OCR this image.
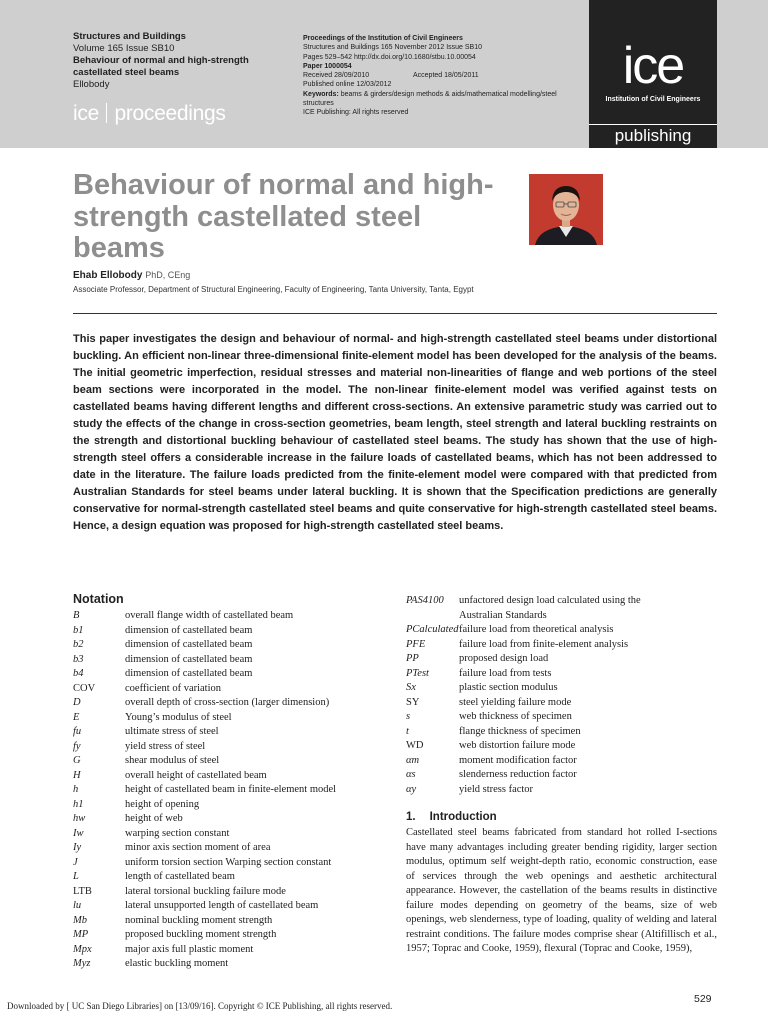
Structures and Buildings
Volume 165 Issue SB10
Behaviour of normal and high-strength castellated steel beams
Ellobody
ice proceedings
Proceedings of the Institution of Civil Engineers
Structures and Buildings 165 November 2012 Issue SB10
Pages 529–542 http://dx.doi.org/10.1680/stbu.10.00054
Paper 1000054
Received 28/09/2010	Accepted 18/05/2011
Published online 12/03/2012
Keywords: beams & girders/design methods & aids/mathematical modelling/steel structures
ICE Publishing: All rights reserved
ice
Institution of Civil Engineers
publishing
Behaviour of normal and high-strength castellated steel beams
Ehab Ellobody PhD, CEng
Associate Professor, Department of Structural Engineering, Faculty of Engineering, Tanta University, Tanta, Egypt
This paper investigates the design and behaviour of normal- and high-strength castellated steel beams under distortional buckling. An efficient non-linear three-dimensional finite-element model has been developed for the analysis of the beams. The initial geometric imperfection, residual stresses and material non-linearities of flange and web portions of the steel beam sections were incorporated in the model. The non-linear finite-element model was verified against tests on castellated beams having different lengths and different cross-sections. An extensive parametric study was carried out to study the effects of the change in cross-section geometries, beam length, steel strength and lateral buckling restraints on the strength and distortional buckling behaviour of castellated steel beams. The study has shown that the use of high-strength steel offers a considerable increase in the failure loads of castellated beams, which has not been addressed to date in the literature. The failure loads predicted from the finite-element model were compared with that predicted from Australian Standards for steel beams under lateral buckling. It is shown that the Specification predictions are generally conservative for normal-strength castellated steel beams and quite conservative for high-strength castellated steel beams. Hence, a design equation was proposed for high-strength castellated steel beams.
Notation
B	overall flange width of castellated beam
b1	dimension of castellated beam
b2	dimension of castellated beam
b3	dimension of castellated beam
b4	dimension of castellated beam
COV	coefficient of variation
D	overall depth of cross-section (larger dimension)
E	Young’s modulus of steel
fu	ultimate stress of steel
fy	yield stress of steel
G	shear modulus of steel
H	overall height of castellated beam
h	height of castellated beam in finite-element model
h1	height of opening
hw	height of web
Iw	warping section constant
Iy	minor axis section moment of area
J	uniform torsion section Warping section constant
L	length of castellated beam
LTB	lateral torsional buckling failure mode
lu	lateral unsupported length of castellated beam
Mb	nominal buckling moment strength
MP	proposed buckling moment strength
Mpx	major axis full plastic moment
Myz	elastic buckling moment
PAS4100	unfactored design load calculated using the
Australian Standards
PCalculated failure load from theoretical analysis
PFE	failure load from finite-element analysis
PP	proposed design load
PTest	failure load from tests
Sx	plastic section modulus
SY	steel yielding failure mode
s	web thickness of specimen
t	flange thickness of specimen
WD	web distortion failure mode
αm	moment modification factor
αs	slenderness reduction factor
αy	yield stress factor
1. Introduction
Castellated steel beams fabricated from standard hot rolled I-sections have many advantages including greater bending rigidity, larger section modulus, optimum self weight-depth ratio, economic construction, ease of services through the web openings and aesthetic architectural appearance. However, the castellation of the beams results in distinctive failure modes depending on geometry of the beams, size of web openings, web slenderness, type of loading, quality of welding and lateral restraint conditions. The failure modes comprise shear (Altifillisch et al., 1957; Toprac and Cooke, 1959), flexural (Toprac and Cooke, 1959),
Downloaded by [ UC San Diego Libraries] on [13/09/16]. Copyright © ICE Publishing, all rights reserved.
529
